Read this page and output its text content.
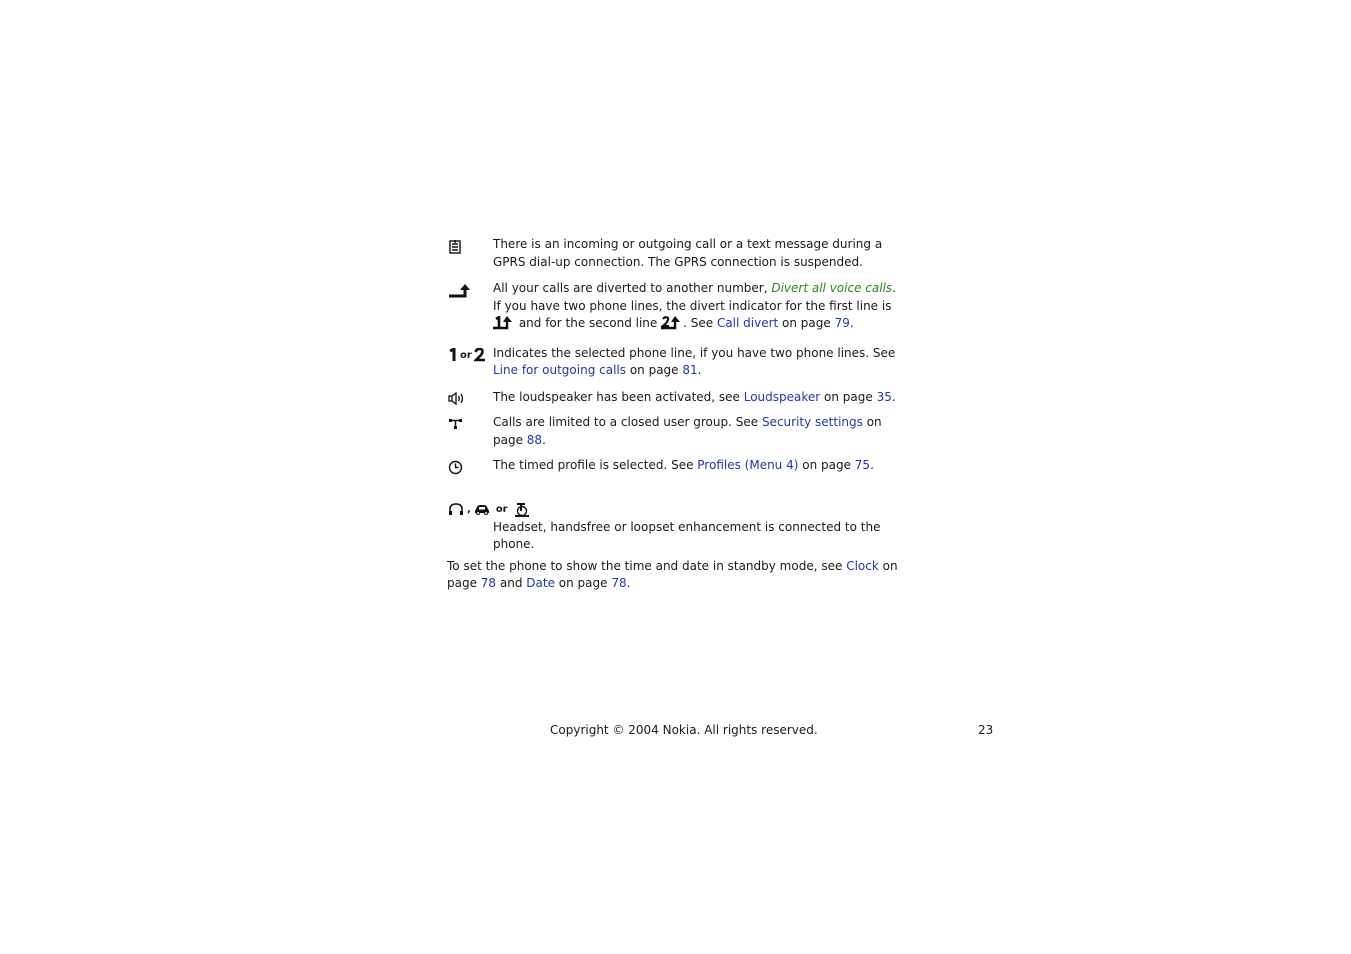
There is an incoming or outgoing call or a text message during a GPRS dial-up connection. The GPRS connection is suspended.
All your calls are diverted to another number, Divert all voice calls. If you have two phone lines, the divert indicator for the first line is  and for the second line . See Call divert on page 79.
or Indicates the selected phone line, if you have two phone lines. See Line for outgoing calls on page 81.
The loudspeaker has been activated, see Loudspeaker on page 35.
Calls are limited to a closed user group. See Security settings on page 88.
The timed profile is selected. See Profiles (Menu 4) on page 75.
,	or
Headset, handsfree or loopset enhancement is connected to the phone.
To set the phone to show the time and date in standby mode, see Clock on page 78 and Date on page 78.
Copyright © 2004 Nokia. All rights reserved.	23
